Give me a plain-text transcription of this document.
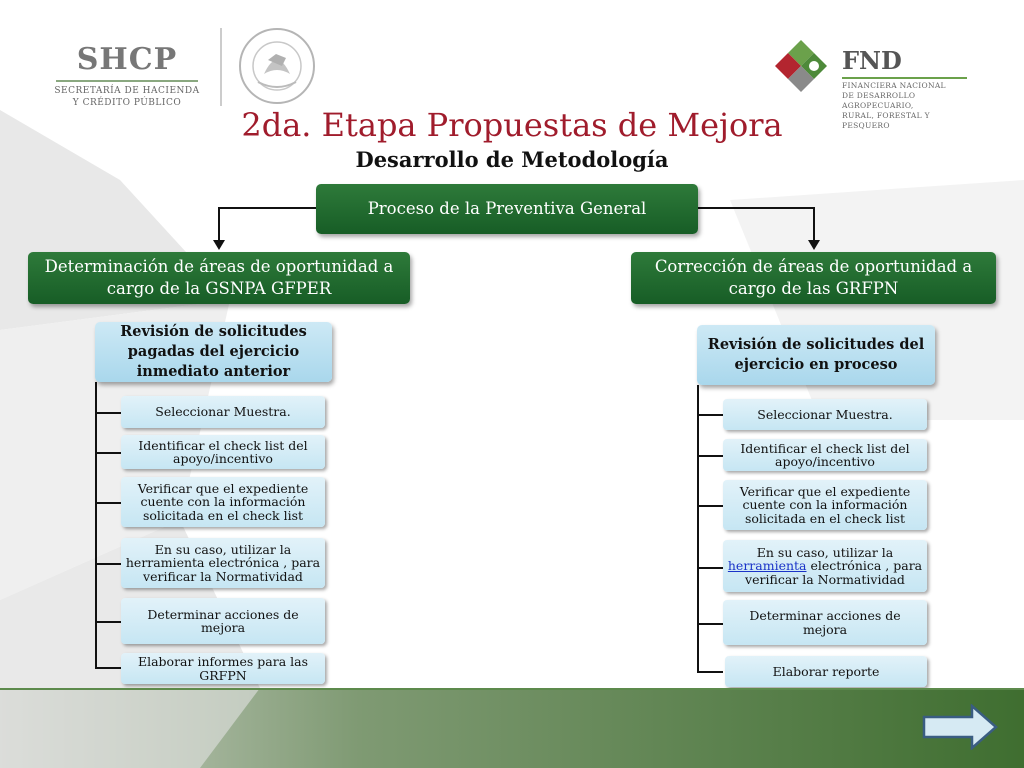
SHCP
SECRETARÍA DE HACIENDA
Y CRÉDITO PÚBLICO
FND
FINANCIERA NACIONAL
DE DESARROLLO AGROPECUARIO,
RURAL, FORESTAL Y PESQUERO
2da. Etapa Propuestas de Mejora
Desarrollo de Metodología
Proceso de la Preventiva General
Determinación de áreas de oportunidad a cargo de la GSNPA GFPER
Corrección de áreas de oportunidad a cargo de las GRFPN
Revisión de solicitudes pagadas del ejercicio inmediato anterior
Seleccionar Muestra.
Identificar el check list del apoyo/incentivo
Verificar que el expediente cuente con la información solicitada en el check list
En su caso, utilizar la herramienta electrónica , para verificar la Normatividad
Determinar acciones de mejora
Elaborar informes para las GRFPN
Revisión de solicitudes del ejercicio en proceso
Seleccionar Muestra.
Identificar el check list del apoyo/incentivo
Verificar que el expediente cuente con la información solicitada en el check list
En su caso, utilizar la herramienta electrónica , para verificar la Normatividad
Determinar acciones de mejora
Elaborar reporte
